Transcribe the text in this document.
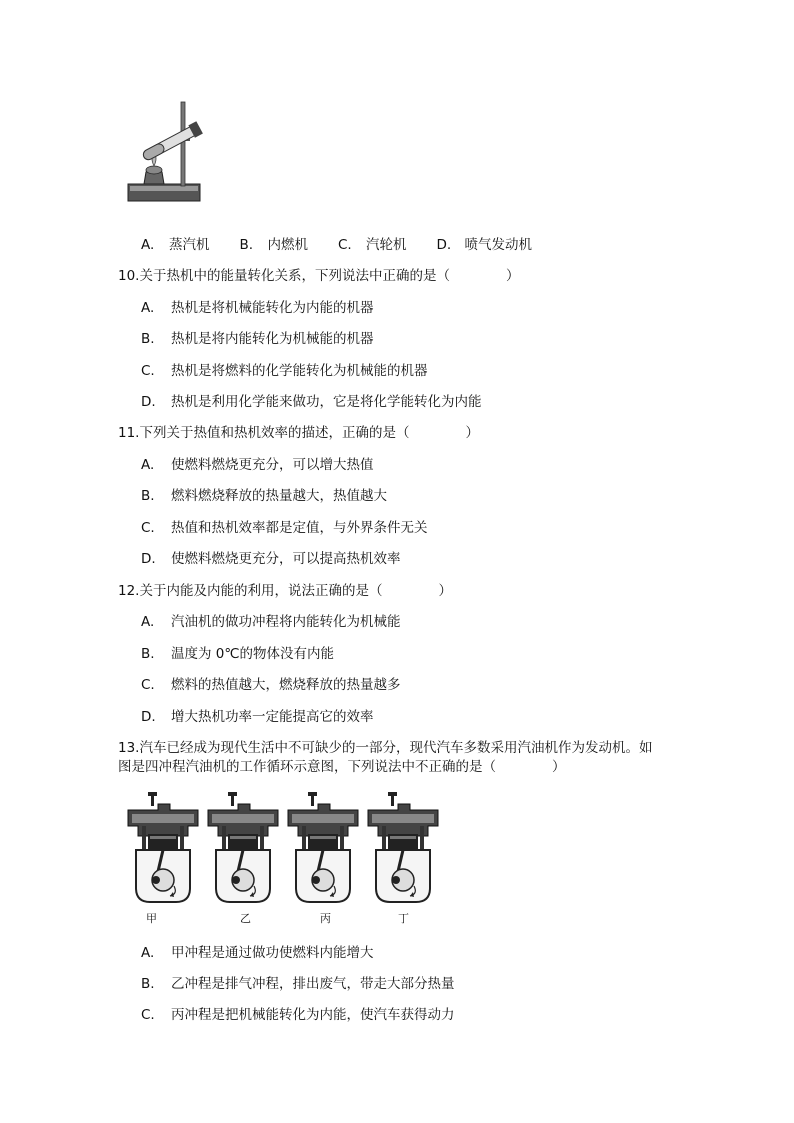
A. 蒸汽机 B. 内燃机 C. 汽轮机 D. 喷气发动机
10.关于热机中的能量转化关系，下列说法中正确的是（	）
A. 热机是将机械能转化为内能的机器
B. 热机是将内能转化为机械能的机器
C. 热机是将燃料的化学能转化为机械能的机器
D. 热机是利用化学能来做功，它是将化学能转化为内能
11.下列关于热值和热机效率的描述，正确的是（	）
A. 使燃料燃烧更充分，可以增大热值
B. 燃料燃烧释放的热量越大，热值越大
C. 热值和热机效率都是定值，与外界条件无关
D. 使燃料燃烧更充分，可以提高热机效率
12.关于内能及内能的利用，说法正确的是（	）
A. 汽油机的做功冲程将内能转化为机械能
B. 温度为 0℃的物体没有内能
C. 燃料的热值越大，燃烧释放的热量越多
D. 增大热机功率一定能提高它的效率
13.汽车已经成为现代生活中不可缺少的一部分，现代汽车多数采用汽油机作为发动机。如
图是四冲程汽油机的工作循环示意图，下列说法中不正确的是（	）
甲	乙	丙	丁
A. 甲冲程是通过做功使燃料内能增大
B. 乙冲程是排气冲程，排出废气，带走大部分热量
C. 丙冲程是把机械能转化为内能，使汽车获得动力
